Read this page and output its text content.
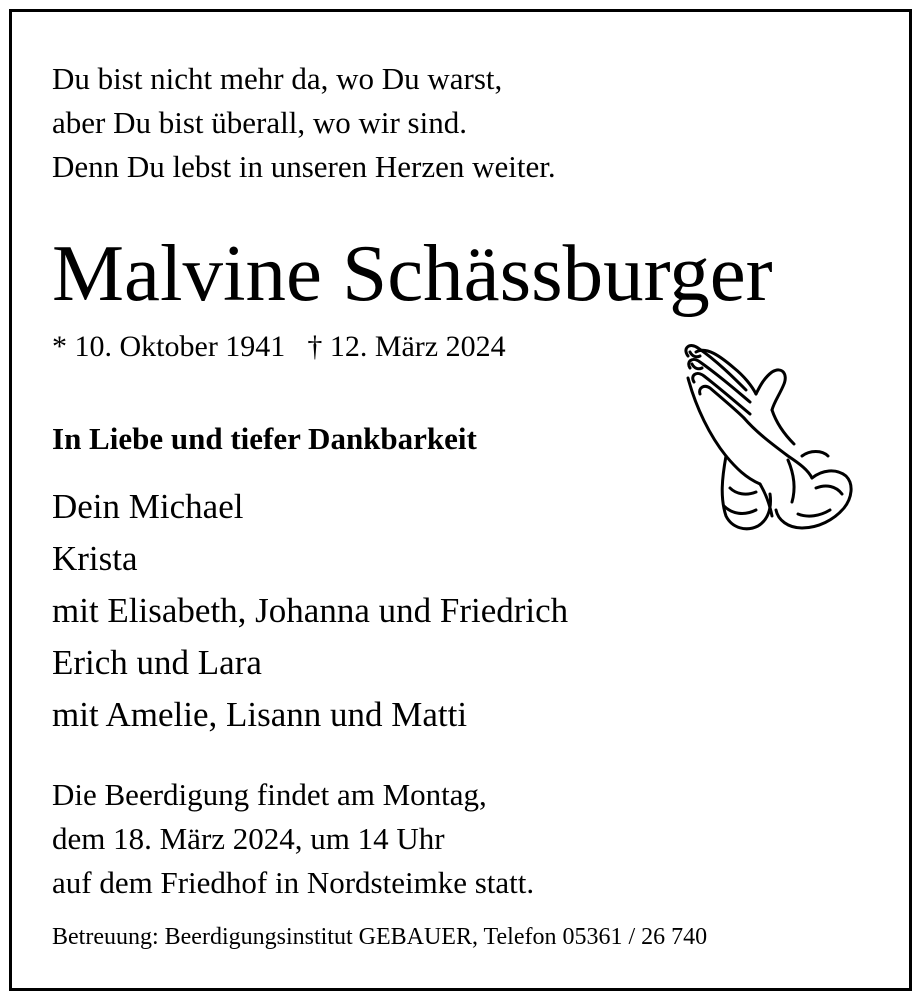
Du bist nicht mehr da, wo Du warst,
aber Du bist überall, wo wir sind.
Denn Du lebst in unseren Herzen weiter.

Malvine Schässburger
* 10. Oktober 1941 † 12. März 2024
In Liebe und tiefer Dankbarkeit
Dein Michael
Krista
mit Elisabeth, Johanna und Friedrich
Erich und Lara
mit Amelie, Lisann und Matti
Die Beerdigung findet am Montag,
dem 18. März 2024, um 14 Uhr
auf dem Friedhof in Nordsteimke statt.
Betreuung: Beerdigungsinstitut GEBAUER, Telefon 05361 / 26 740
